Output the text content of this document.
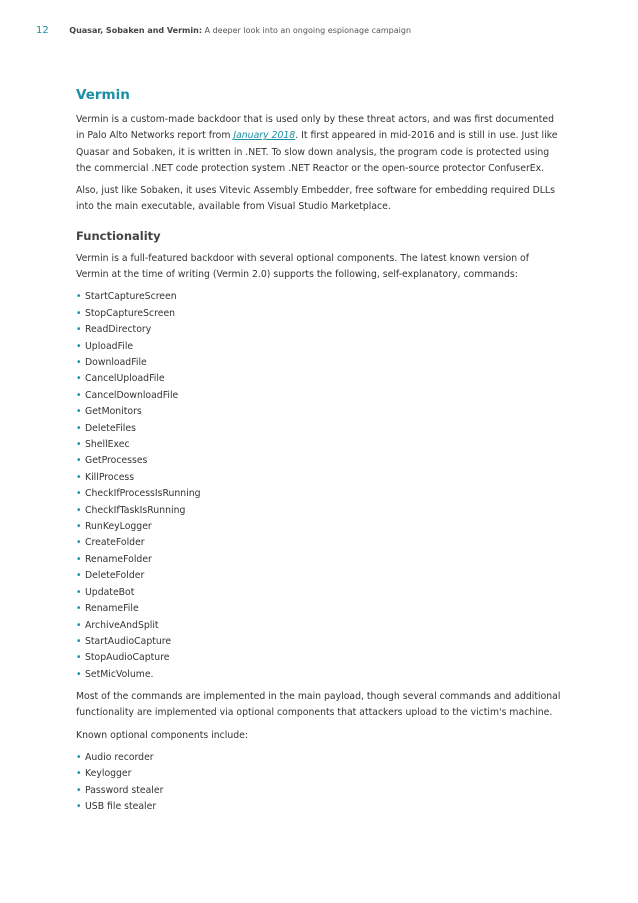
12	Quasar, Sobaken and Vermin: A deeper look into an ongoing espionage campaign
Vermin

Vermin is a custom-made backdoor that is used only by these threat actors, and was first documented in Palo Alto Networks report from January 2018. It first appeared in mid-2016 and is still in use. Just like Quasar and Sobaken, it is written in .NET. To slow down analysis, the program code is protected using the commercial .NET code protection system .NET Reactor or the open-source protector ConfuserEx.

Also, just like Sobaken, it uses Vitevic Assembly Embedder, free software for embedding required DLLs into the main executable, available from Visual Studio Marketplace.

Functionality

Vermin is a full-featured backdoor with several optional components. The latest known version of Vermin at the time of writing (Vermin 2.0) supports the following, self-explanatory, commands:

• StartCaptureScreen
• StopCaptureScreen
• ReadDirectory
• UploadFile
• DownloadFile
• CancelUploadFile
• CancelDownloadFile
• GetMonitors
• DeleteFiles
• ShellExec
• GetProcesses
• KillProcess
• CheckIfProcessIsRunning
• CheckIfTaskIsRunning
• RunKeyLogger
• CreateFolder
• RenameFolder
• DeleteFolder
• UpdateBot
• RenameFile
• ArchiveAndSplit
• StartAudioCapture
• StopAudioCapture
• SetMicVolume.

Most of the commands are implemented in the main payload, though several commands and additional functionality are implemented via optional components that attackers upload to the victim's machine.

Known optional components include:

• Audio recorder
• Keylogger
• Password stealer
• USB file stealer
